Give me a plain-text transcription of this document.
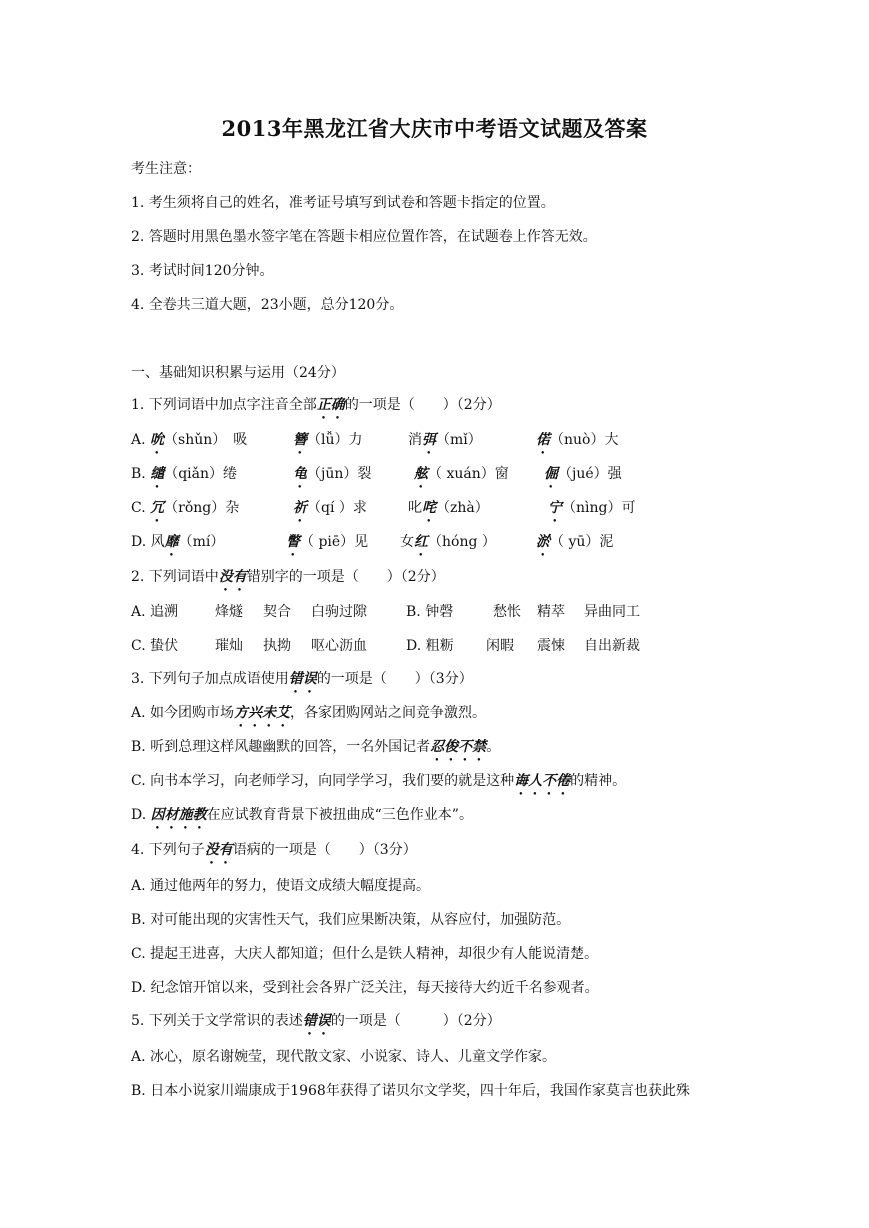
2013年黑龙江省大庆市中考语文试题及答案
考生注意：
1. 考生须将自己的姓名，准考证号填写到试卷和答题卡指定的位置。
2. 答题时用黑色墨水签字笔在答题卡相应位置作答，在试题卷上作答无效。
3. 考试时间120分钟。
4. 全卷共三道大题，23小题，总分120分。
一、基础知识积累与运用（24分）
1. 下列词语中加点字注音全部正确的一项是（　　）（2分）
A. 吮（shǔn）　吸	簪（lǚ）力	消弭（mǐ）	偌（nuò）大
B. 缱（qiǎn）绻	龟（jūn）裂	舷（ xuán）窗	倔（jué）强
C. 冗（rǒng）杂	祈（qí ）求	叱咤（zhà）	宁（nìng）可
D. 风靡（mí）	瞥（ piē）见 女红（hóng ）	淤（ yū）泥
2. 下列词语中没有错别字的一项是（　　）（2分）
A. 追溯	烽燧 契合 白驹过隙	B. 钟磬	愁怅 精萃 异曲同工
C. 蛰伏	璀灿 执拗 呕心沥血	D. 粗粝 闲暇 震悚 自出新裁
3. 下列句子加点成语使用错误的一项是（　　）（3分）
A. 如今团购市场方兴未艾，各家团购网站之间竞争激烈。
B. 听到总理这样风趣幽默的回答，一名外国记者忍俊不禁。
C. 向书本学习，向老师学习，向同学学习，我们要的就是这种诲人不倦的精神。
D. 因材施教在应试教育背景下被扭曲成“三色作业本”。
4. 下列句子没有语病的一项是（　　）（3分）
A. 通过他两年的努力，使语文成绩大幅度提高。
B. 对可能出现的灾害性天气，我们应果断决策，从容应付，加强防范。
C. 提起王进喜，大庆人都知道；但什么是铁人精神，却很少有人能说清楚。
D. 纪念馆开馆以来，受到社会各界广泛关注，每天接待大约近千名参观者。
5. 下列关于文学常识的表述错误的一项是（　　　）（2分）
A. 冰心，原名谢婉莹，现代散文家、小说家、诗人、儿童文学作家。
B. 日本小说家川端康成于1968年获得了诺贝尔文学奖，四十年后，我国作家莫言也获此殊
